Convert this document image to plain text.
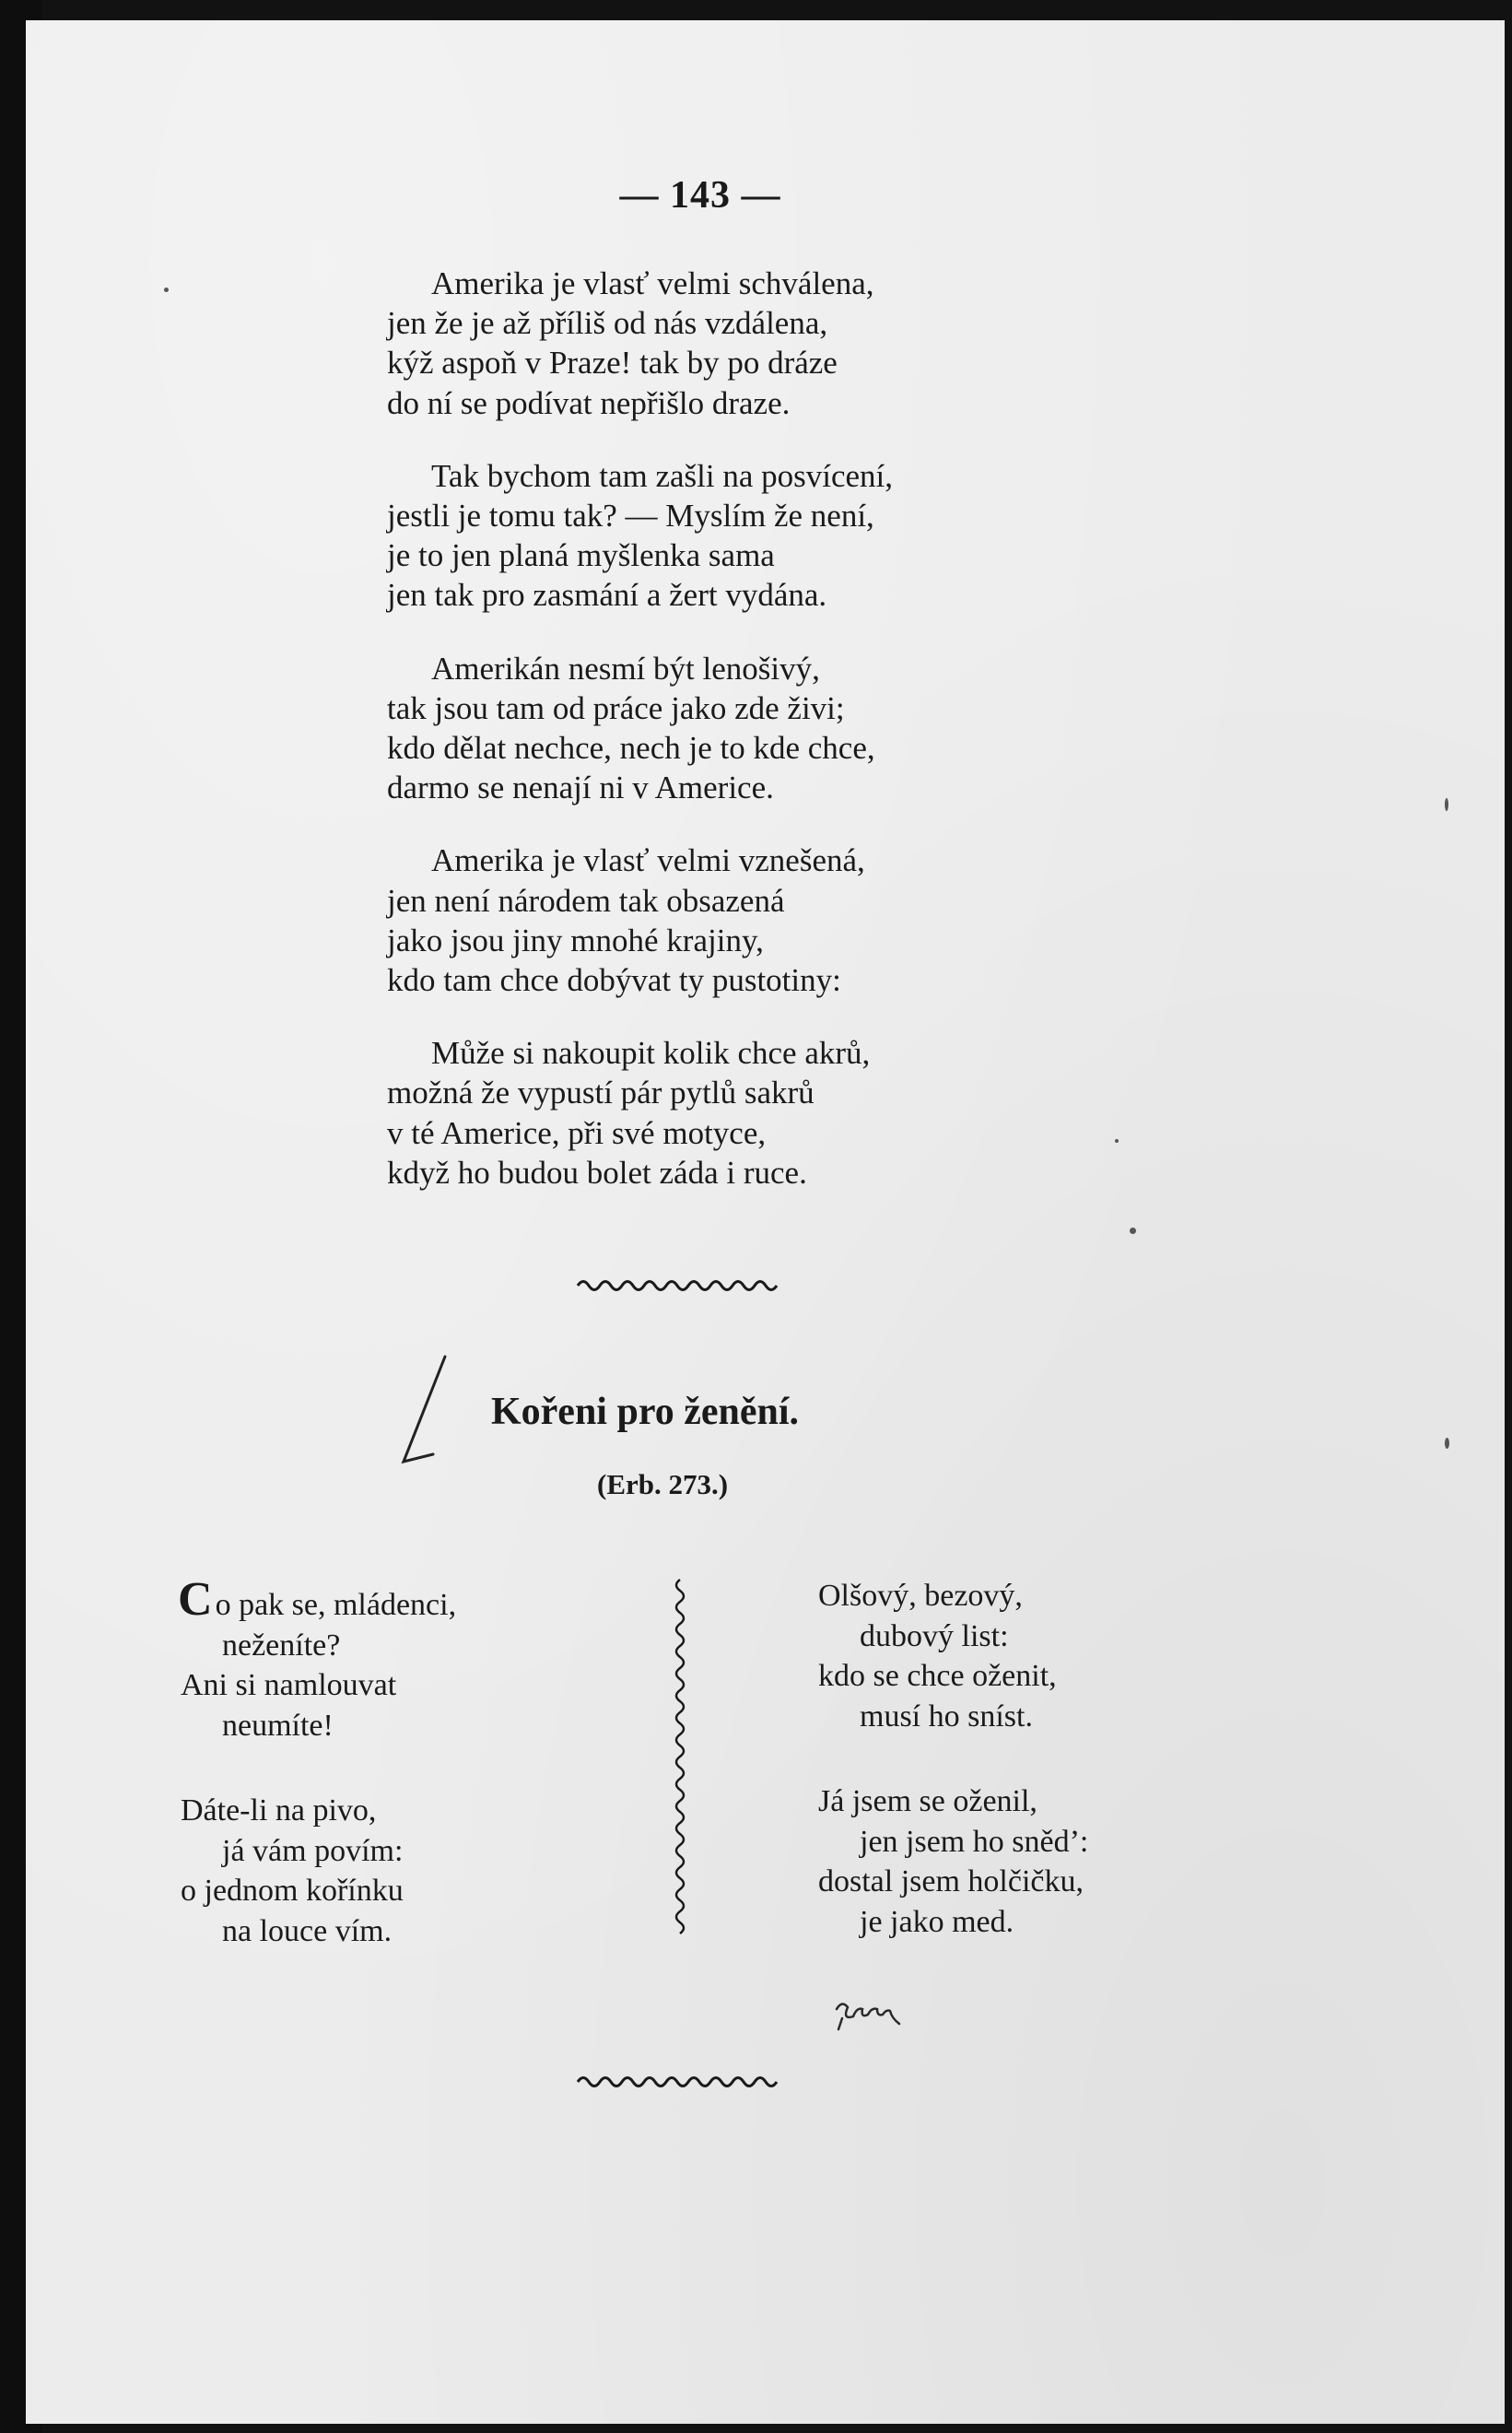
— 143 —
Amerika je vlasť velmi schválena,
jen že je až příliš od nás vzdálena,
kýž aspoň v Praze! tak by po dráze
do ní se podívat nepřišlo draze.
Tak bychom tam zašli na posvícení,
jestli je tomu tak? — Myslím že není,
je to jen planá myšlenka sama
jen tak pro zasmání a žert vydána.
Amerikán nesmí být lenošivý,
tak jsou tam od práce jako zde živi;
kdo dělat nechce, nech je to kde chce,
darmo se nenají ni v Americe.
Amerika je vlasť velmi vznešená,
jen není národem tak obsazená
jako jsou jiny mnohé krajiny,
kdo tam chce dobývat ty pustotiny:
Může si nakoupit kolik chce akrů,
možná že vypustí pár pytlů sakrů
v té Americe, při své motyce,
když ho budou bolet záda i ruce.
Kořeni pro ženění.
(Erb. 273.)
Co pak se, mládenci,
neženíte?
Ani si namlouvat
neumíte!
Dáte-li na pivo,
já vám povím:
o jednom kořínku
na louce vím.
Olšový, bezový,
dubový list:
kdo se chce oženit,
musí ho sníst.
Já jsem se oženil,
jen jsem ho snědʼ:
dostal jsem holčičku,
je jako med.
